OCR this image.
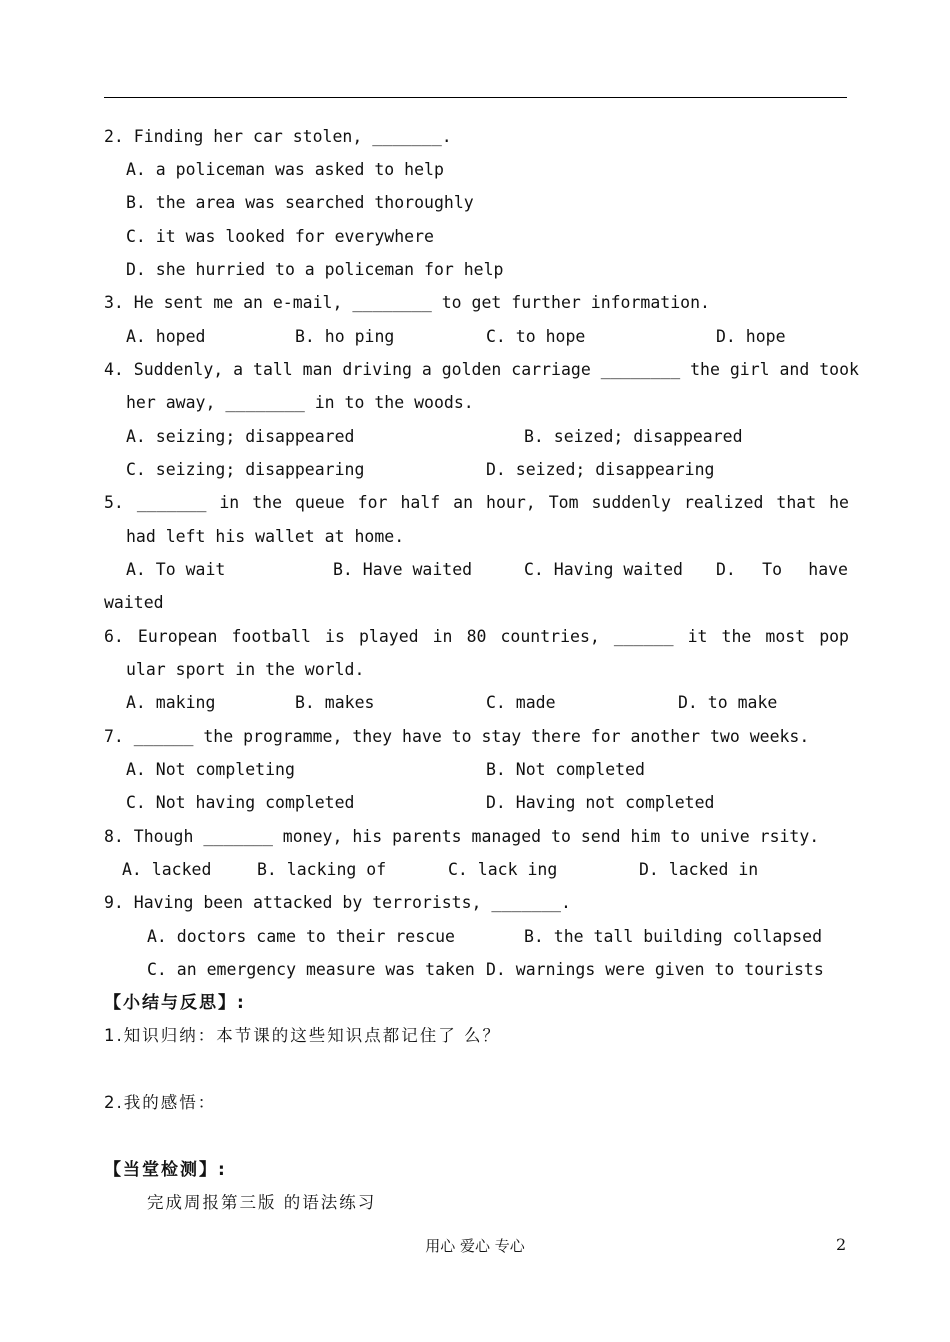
2. Finding her car stolen, _______.
A. a policeman was asked to help
B. the area was searched thoroughly
C. it was looked for everywhere
D. she hurried to a policeman for help
3. He sent me an e-mail, ________ to get further information.
A. hoped	B. ho ping	C. to hope	D. hope
4. Suddenly, a tall man driving a golden carriage ________ the girl and took
her away, ________ in to the woods.
A. seizing; disappeared	B. seized; disappeared
C. seizing; disappearing	D. seized; disappearing
5. _______ in the queue for half an hour, Tom suddenly realized that he
had left his wallet at home.
A. To wait	B. Have waited	C. Having waited D. To have
waited
6. European football is played in 80 countries, ______ it the most pop
ular sport in the world.
A. making	B. makes	C. made	D. to make
7. ______ the programme, they have to stay there for another two weeks.
A. Not completing	B. Not completed
C. Not having completed	D. Having not completed
8. Though _______ money, his parents managed to send him to unive rsity.
A. lacked	B. lacking of	C. lack ing	D. lacked in
9. Having been attacked by terrorists, _______.
A. doctors came to their rescue	B. the tall building collapsed
C. an emergency measure was taken D. warnings were given to tourists
【小结与反思】:
1.知识归纳：本节课的这些知识点都记住了 么？
2.我的感悟：
【当堂检测】:
完成周报第三版 的语法练习
用心 爱心 专心	2
